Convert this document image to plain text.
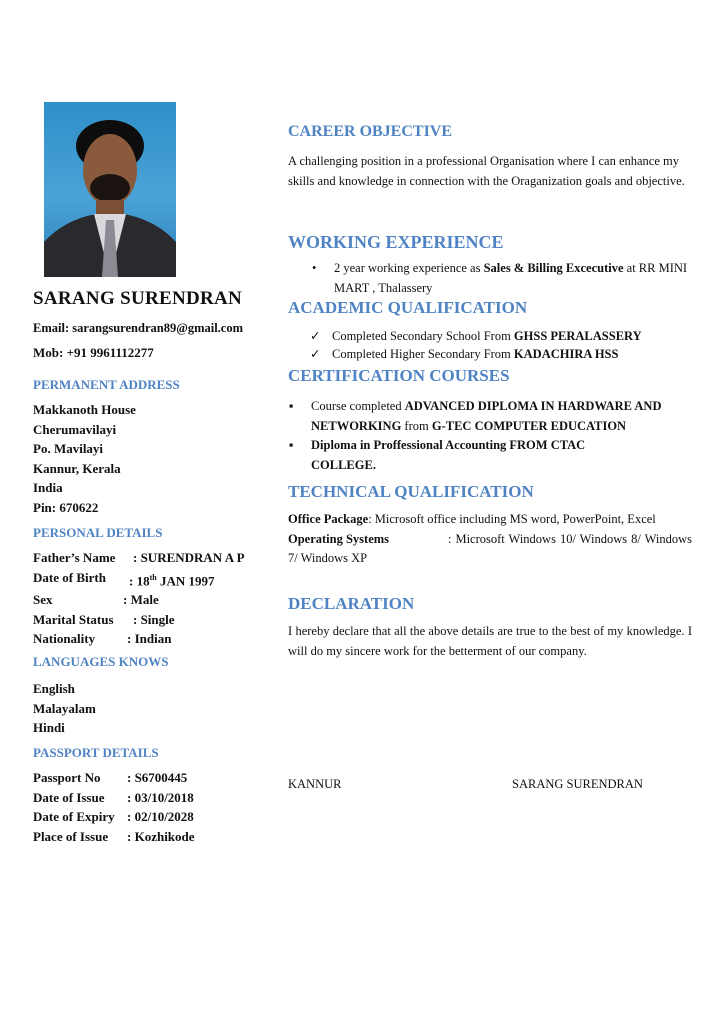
SARANG SURENDRAN
Email: sarangsurendran89@gmail.com
Mob: +91 9961112277
PERMANENT ADDRESS
Makkanoth House
Cherumavilayi
Po. Mavilayi
Kannur, Kerala
India
Pin: 670622
PERSONAL DETAILS
Father’s Name	: SURENDRAN A P
Date of Birth	: 18th JAN 1997
Sex	: Male
Marital Status	: Single
Nationality	: Indian
LANGUAGES KNOWS
English
Malayalam
Hindi
PASSPORT DETAILS
Passport No	: S6700445
Date of Issue	: 03/10/2018
Date of Expiry : 02/10/2028
Place of Issue	: Kozhikode
CAREER OBJECTIVE
A challenging position in a professional Organisation where I can enhance my skills and knowledge in connection with the Oraganization goals and objective.
WORKING EXPERIENCE
•	2 year working experience as Sales & Billing Excecutive at RR MINI MART , Thalassery
ACADEMIC QUALIFICATION
✓ Completed Secondary School From GHSS PERALASSERY
✓ Completed Higher Secondary From KADACHIRA HSS
CERTIFICATION COURSES
▪	Course completed ADVANCED DIPLOMA IN HARDWARE AND NETWORKING from G-TEC COMPUTER EDUCATION
▪	Diploma in Proffessional Accounting FROM CTAC COLLEGE.
TECHNICAL QUALIFICATION
Office Package: Microsoft office including MS word, PowerPoint, Excel
Operating Systems	: Microsoft Windows 10/ Windows 8/ Windows 7/ Windows XP
DECLARATION
I hereby declare that all the above details are true to the best of my knowledge. I will do my sincere work for the betterment of our company.
KANNUR	SARANG SURENDRAN
